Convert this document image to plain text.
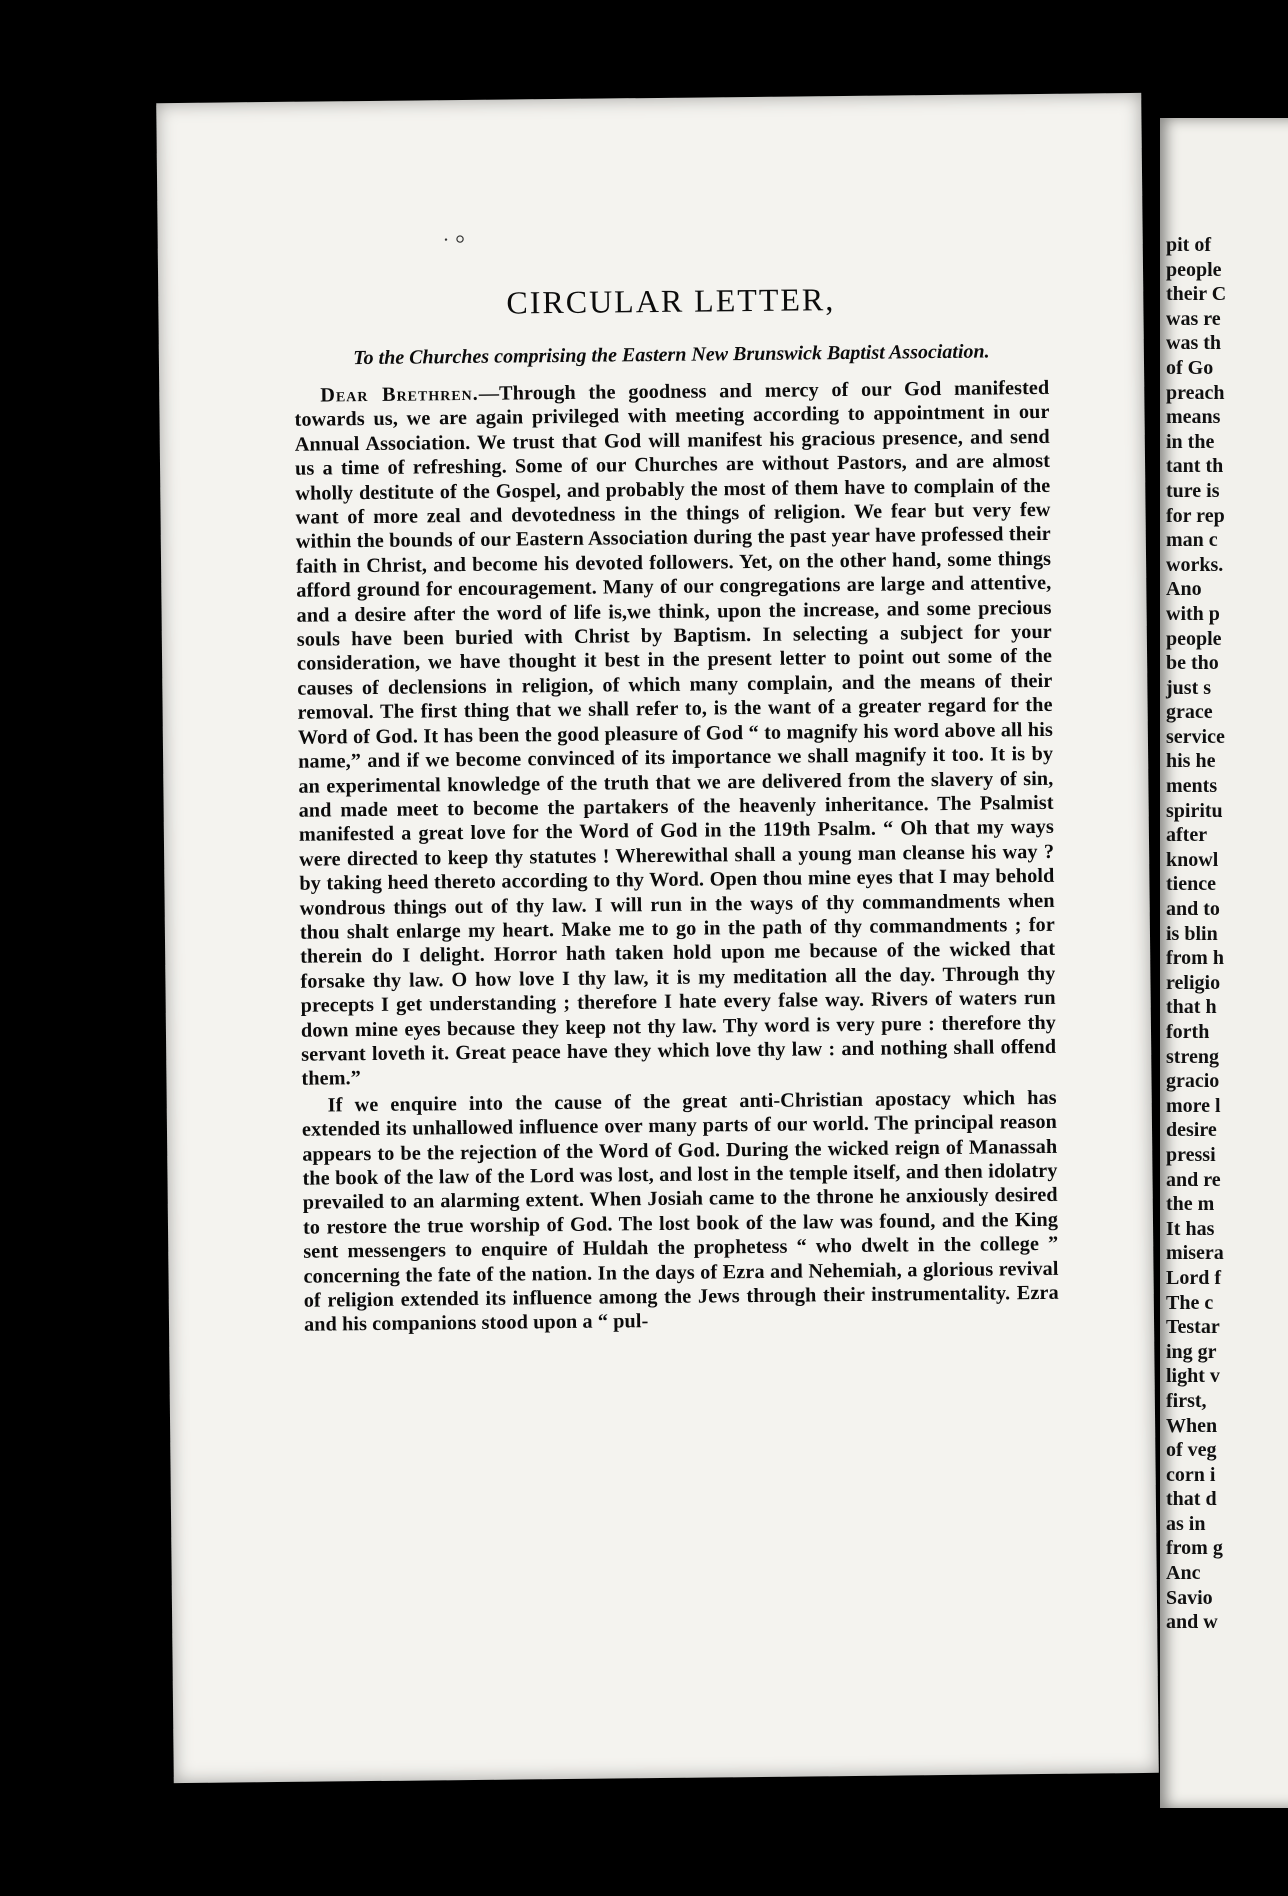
pit of
people
their C
was re
was th
of Go
preach
means
in the
tant th
ture is
for rep
man c
works.
Ano
with p
people
be tho
just s
grace
service
his he
ments
spiritu
after
knowl
tience
and to
is blin
from h
religio
that h
forth
streng
gracio
more l
desire
pressi
and re
the m
It has
misera
Lord f
The c
Testar
ing gr
light v
first,
When
of veg
corn i
that d
as in
from g
Anc
Savio
and w
· ⸰
CIRCULAR LETTER,

To the Churches comprising the Eastern New Brunswick Baptist Association.

Dear Brethren.—Through the goodness and mercy of our God manifested towards us, we are again privileged with meeting according to appointment in our Annual Association. We trust that God will manifest his gracious presence, and send us a time of refreshing. Some of our Churches are without Pastors, and are almost wholly destitute of the Gospel, and probably the most of them have to complain of the want of more zeal and devotedness in the things of religion. We fear but very few within the bounds of our Eastern Association during the past year have professed their faith in Christ, and become his devoted followers. Yet, on the other hand, some things afford ground for encouragement. Many of our congregations are large and attentive, and a desire after the word of life is,we think, upon the increase, and some precious souls have been buried with Christ by Baptism. In selecting a subject for your consideration, we have thought it best in the present letter to point out some of the causes of declensions in religion, of which many complain, and the means of their removal. The first thing that we shall refer to, is the want of a greater regard for the Word of God. It has been the good pleasure of God “ to magnify his word above all his name,” and if we become convinced of its importance we shall magnify it too. It is by an experimental knowledge of the truth that we are delivered from the slavery of sin, and made meet to become the partakers of the heavenly inheritance. The Psalmist manifested a great love for the Word of God in the 119th Psalm. “ Oh that my ways were directed to keep thy statutes ! Wherewithal shall a young man cleanse his way ? by taking heed thereto according to thy Word. Open thou mine eyes that I may behold wondrous things out of thy law. I will run in the ways of thy commandments when thou shalt enlarge my heart. Make me to go in the path of thy commandments ; for therein do I delight. Horror hath taken hold upon me because of the wicked that forsake thy law. O how love I thy law, it is my meditation all the day. Through thy precepts I get understanding ; therefore I hate every false way. Rivers of waters run down mine eyes because they keep not thy law. Thy word is very pure : therefore thy servant loveth it. Great peace have they which love thy law : and nothing shall offend them.”

If we enquire into the cause of the great anti-Christian apostacy which has extended its unhallowed influence over many parts of our world. The principal reason appears to be the rejection of the Word of God. During the wicked reign of Manassah the book of the law of the Lord was lost, and lost in the temple itself, and then idolatry prevailed to an alarming extent. When Josiah came to the throne he anxiously desired to restore the true worship of God. The lost book of the law was found, and the King sent messengers to enquire of Huldah the prophetess “ who dwelt in the college ” concerning the fate of the nation. In the days of Ezra and Nehemiah, a glorious revival of religion extended its influence among the Jews through their instrumentality. Ezra and his companions stood upon a “ pul-
